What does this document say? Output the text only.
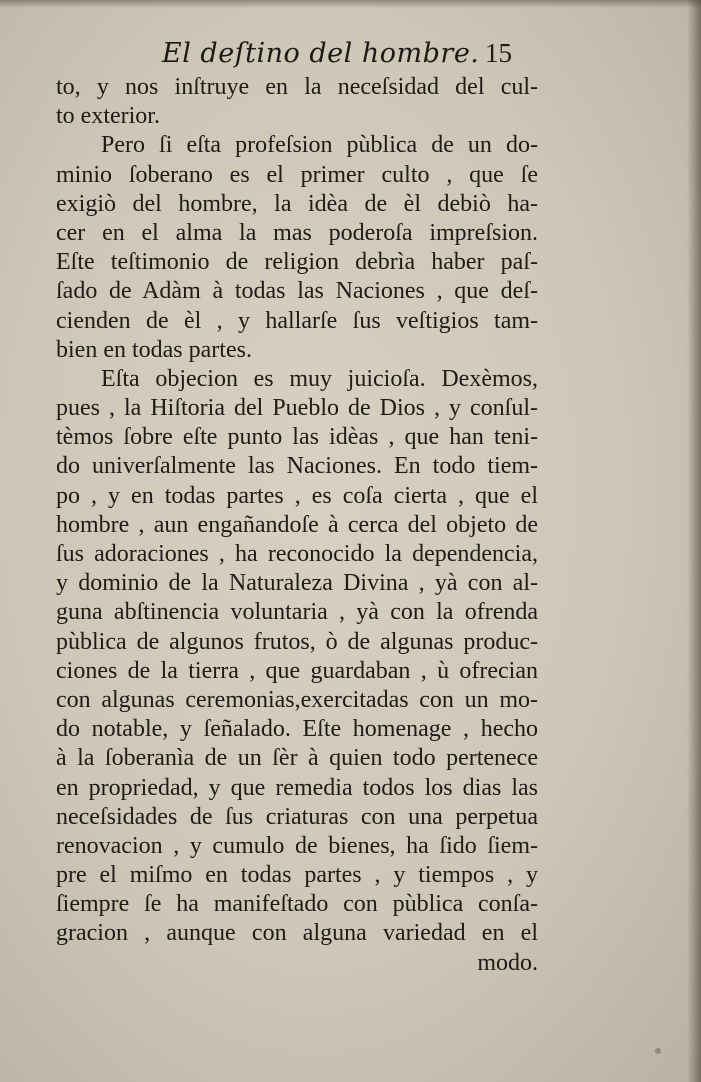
El deſtino del hombre. 15
to, y nos inſtruye en la neceſsidad del cul-
to exterior.
Pero ſi eſta profeſsion pùblica de un do-
minio ſoberano es el primer culto , que ſe
exigiò del hombre, la idèa de èl debiò ha-
cer en el alma la mas poderoſa impreſsion.
Eſte teſtimonio de religion debrìa haber paſ-
ſado de Adàm à todas las Naciones , que deſ-
cienden de èl , y hallarſe ſus veſtigios tam-
bien en todas partes.
Eſta objecion es muy juicioſa. Dexèmos,
pues , la Hiſtoria del Pueblo de Dios , y conſul-
tèmos ſobre eſte punto las idèas , que han teni-
do univerſalmente las Naciones. En todo tiem-
po , y en todas partes , es coſa cierta , que el
hombre , aun engañandoſe à cerca del objeto de
ſus adoraciones , ha reconocido la dependencia,
y dominio de la Naturaleza Divina , yà con al-
guna abſtinencia voluntaria , yà con la ofrenda
pùblica de algunos frutos, ò de algunas produc-
ciones de la tierra , que guardaban , ù ofrecian
con algunas ceremonias,exercitadas con un mo-
do notable, y ſeñalado. Eſte homenage , hecho
à la ſoberanìa de un ſèr à quien todo pertenece
en propriedad, y que remedia todos los dias las
neceſsidades de ſus criaturas con una perpetua
renovacion , y cumulo de bienes, ha ſido ſiem-
pre el miſmo en todas partes , y tiempos , y
ſiempre ſe ha manifeſtado con pùblica conſa-
gracion , aunque con alguna variedad en el
modo.
